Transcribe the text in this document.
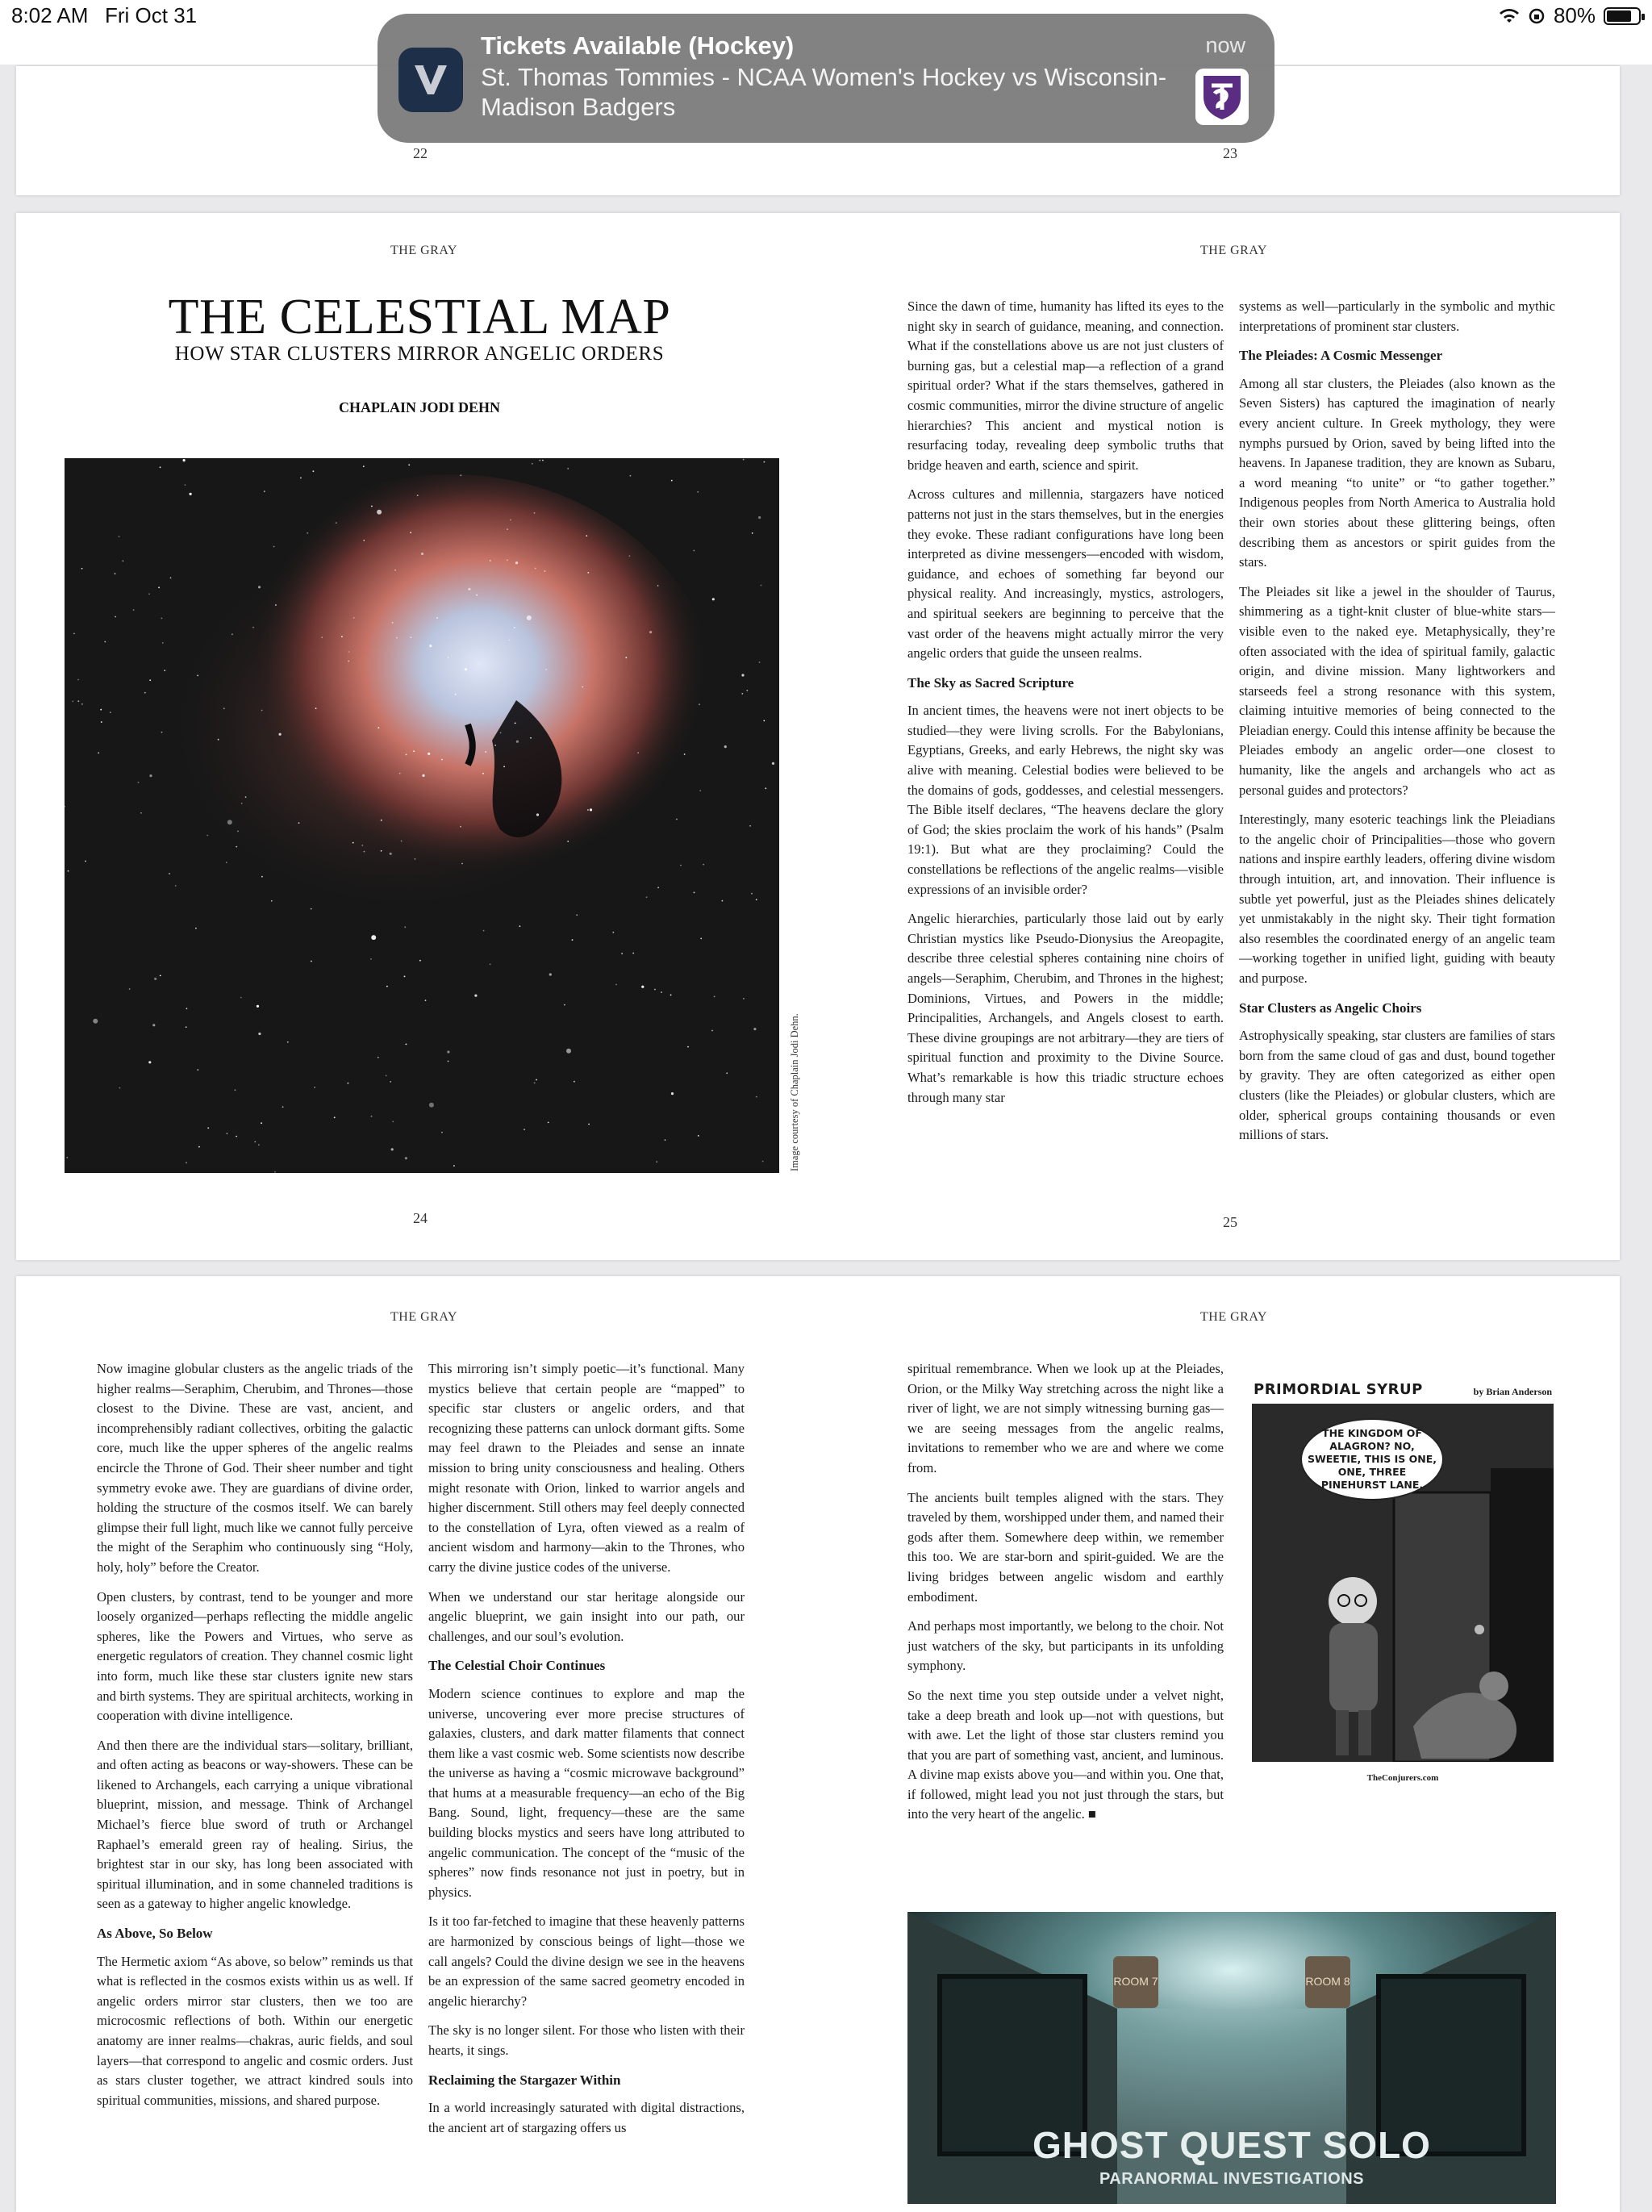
8:02 AM Fri Oct 31	80%
Tickets Available (Hockey)	now
St. Thomas Tommies - NCAA Women's Hockey vs Wisconsin-Madison Badgers
22	23
THE GRAY	THE GRAY
THE CELESTIAL MAP
HOW STAR CLUSTERS MIRROR ANGELIC ORDERS
CHAPLAIN JODI DEHN
Image courtesy of Chaplain Jodi Dehn.

Since the dawn of time, humanity has lifted its eyes to the night sky in search of guidance, meaning, and connection. What if the constellations above us are not just clusters of burning gas, but a celestial map—a reflection of a grand spiritual order? What if the stars themselves, gathered in cosmic communities, mirror the divine structure of angelic hierarchies? This ancient and mystical notion is resurfacing today, revealing deep symbolic truths that bridge heaven and earth, science and spirit.

Across cultures and millennia, stargazers have noticed patterns not just in the stars themselves, but in the energies they evoke. These radiant configurations have long been interpreted as divine messengers—encoded with wisdom, guidance, and echoes of something far beyond our physical reality. And increasingly, mystics, astrologers, and spiritual seekers are beginning to perceive that the vast order of the heavens might actually mirror the very angelic orders that guide the unseen realms.

The Sky as Sacred Scripture

In ancient times, the heavens were not inert objects to be studied—they were living scrolls. For the Babylonians, Egyptians, Greeks, and early Hebrews, the night sky was alive with meaning. Celestial bodies were believed to be the domains of gods, goddesses, and celestial messengers. The Bible itself declares, “The heavens declare the glory of God; the skies proclaim the work of his hands” (Psalm 19:1). But what are they proclaiming? Could the constellations be reflections of the angelic realms—visible expressions of an invisible order?

Angelic hierarchies, particularly those laid out by early Christian mystics like Pseudo-Dionysius the Areopagite, describe three celestial spheres containing nine choirs of angels—Seraphim, Cherubim, and Thrones in the highest; Dominions, Virtues, and Powers in the middle; Principalities, Archangels, and Angels closest to earth. These divine groupings are not arbitrary—they are tiers of spiritual function and proximity to the Divine Source. What’s remarkable is how this triadic structure echoes through many star

systems as well—particularly in the symbolic and mythic interpretations of prominent star clusters.

The Pleiades: A Cosmic Messenger

Among all star clusters, the Pleiades (also known as the Seven Sisters) has captured the imagination of nearly every ancient culture. In Greek mythology, they were nymphs pursued by Orion, saved by being lifted into the heavens. In Japanese tradition, they are known as Subaru, a word meaning “to unite” or “to gather together.” Indigenous peoples from North America to Australia hold their own stories about these glittering beings, often describing them as ancestors or spirit guides from the stars.

The Pleiades sit like a jewel in the shoulder of Taurus, shimmering as a tight-knit cluster of blue-white stars—visible even to the naked eye. Metaphysically, they’re often associated with the idea of spiritual family, galactic origin, and divine mission. Many lightworkers and starseeds feel a strong resonance with this system, claiming intuitive memories of being connected to the Pleiadian energy. Could this intense affinity be because the Pleiades embody an angelic order—one closest to humanity, like the angels and archangels who act as personal guides and protectors?

Interestingly, many esoteric teachings link the Pleiadians to the angelic choir of Principalities—those who govern nations and inspire earthly leaders, offering divine wisdom through intuition, art, and innovation. Their influence is subtle yet powerful, just as the Pleiades shines delicately yet unmistakably in the night sky. Their tight formation also resembles the coordinated energy of an angelic team—working together in unified light, guiding with beauty and purpose.

Star Clusters as Angelic Choirs

Astrophysically speaking, star clusters are families of stars born from the same cloud of gas and dust, bound together by gravity. They are often categorized as either open clusters (like the Pleiades) or globular clusters, which are older, spherical groups containing thousands or even millions of stars.

24	25
THE GRAY	THE GRAY

Now imagine globular clusters as the angelic triads of the higher realms—Seraphim, Cherubim, and Thrones—those closest to the Divine. These are vast, ancient, and incomprehensibly radiant collectives, orbiting the galactic core, much like the upper spheres of the angelic realms encircle the Throne of God. Their sheer number and tight symmetry evoke awe. They are guardians of divine order, holding the structure of the cosmos itself. We can barely glimpse their full light, much like we cannot fully perceive the might of the Seraphim who continuously sing “Holy, holy, holy” before the Creator.

Open clusters, by contrast, tend to be younger and more loosely organized—perhaps reflecting the middle angelic spheres, like the Powers and Virtues, who serve as energetic regulators of creation. They channel cosmic light into form, much like these star clusters ignite new stars and birth systems. They are spiritual architects, working in cooperation with divine intelligence.

And then there are the individual stars—solitary, brilliant, and often acting as beacons or way-showers. These can be likened to Archangels, each carrying a unique vibrational blueprint, mission, and message. Think of Archangel Michael’s fierce blue sword of truth or Archangel Raphael’s emerald green ray of healing. Sirius, the brightest star in our sky, has long been associated with spiritual illumination, and in some channeled traditions is seen as a gateway to higher angelic knowledge.

As Above, So Below

The Hermetic axiom “As above, so below” reminds us that what is reflected in the cosmos exists within us as well. If angelic orders mirror star clusters, then we too are microcosmic reflections of both. Within our energetic anatomy are inner realms—chakras, auric fields, and soul layers—that correspond to angelic and cosmic orders. Just as stars cluster together, we attract kindred souls into spiritual communities, missions, and shared purpose.

This mirroring isn’t simply poetic—it’s functional. Many mystics believe that certain people are “mapped” to specific star clusters or angelic orders, and that recognizing these patterns can unlock dormant gifts. Some may feel drawn to the Pleiades and sense an innate mission to bring unity consciousness and healing. Others might resonate with Orion, linked to warrior angels and higher discernment. Still others may feel deeply connected to the constellation of Lyra, often viewed as a realm of ancient wisdom and harmony—akin to the Thrones, who carry the divine justice codes of the universe.

When we understand our star heritage alongside our angelic blueprint, we gain insight into our path, our challenges, and our soul’s evolution.

The Celestial Choir Continues

Modern science continues to explore and map the universe, uncovering ever more precise structures of galaxies, clusters, and dark matter filaments that connect them like a vast cosmic web. Some scientists now describe the universe as having a “cosmic microwave background” that hums at a measurable frequency—an echo of the Big Bang. Sound, light, frequency—these are the same building blocks mystics and seers have long attributed to angelic communication. The concept of the “music of the spheres” now finds resonance not just in poetry, but in physics.

Is it too far-fetched to imagine that these heavenly patterns are harmonized by conscious beings of light—those we call angels? Could the divine design we see in the heavens be an expression of the same sacred geometry encoded in angelic hierarchy?

The sky is no longer silent. For those who listen with their hearts, it sings.

Reclaiming the Stargazer Within

In a world increasingly saturated with digital distractions, the ancient art of stargazing offers us

spiritual remembrance. When we look up at the Pleiades, Orion, or the Milky Way stretching across the night like a river of light, we are not simply witnessing burning gas—we are seeing messages from the angelic realms, invitations to remember who we are and where we come from.

The ancients built temples aligned with the stars. They traveled by them, worshipped under them, and named their gods after them. Somewhere deep within, we remember this too. We are star-born and spirit-guided. We are the living bridges between angelic wisdom and earthly embodiment.

And perhaps most importantly, we belong to the choir. Not just watchers of the sky, but participants in its unfolding symphony.

So the next time you step outside under a velvet night, take a deep breath and look up—not with questions, but with awe. Let the light of those star clusters remind you that you are part of something vast, ancient, and luminous. A divine map exists above you—and within you. One that, if followed, might lead you not just through the stars, but into the very heart of the angelic. ■

PRIMORDIAL SYRUP	by Brian Anderson
THE KINGDOM OF ALAGRON? NO, SWEETIE, THIS IS ONE, ONE, THREE PINEHURST LANE.
TheConjurers.com
ROOM 7	ROOM 8
GHOST QUEST SOLO
PARANORMAL INVESTIGATIONS
